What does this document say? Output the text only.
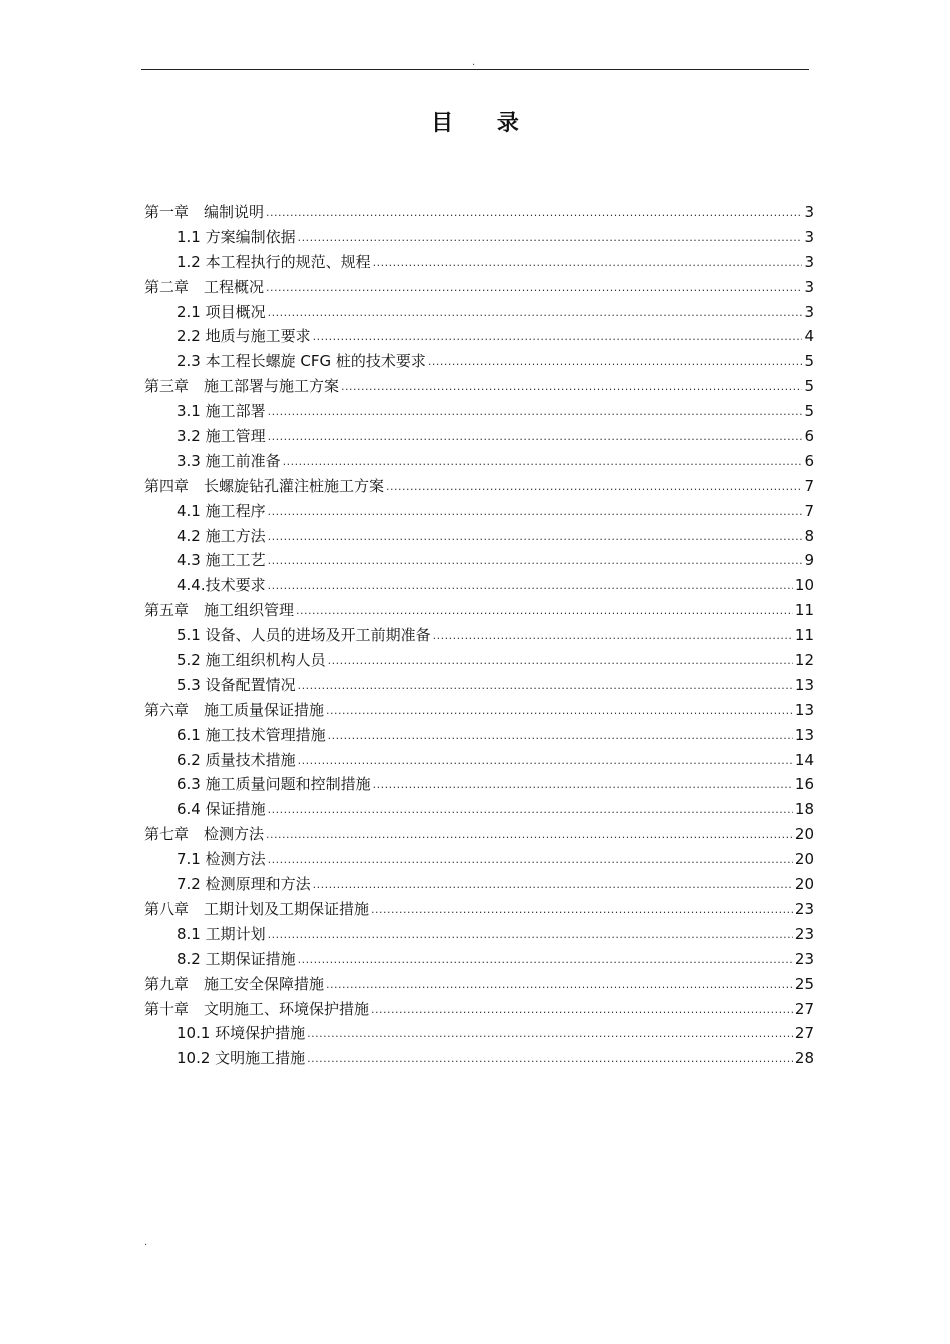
.
目 录
第一章　编制说明 .....	3
1.1 方案编制依据 .....	3
1.2 本工程执行的规范、规程 .....	3
第二章　工程概况 .....	3
2.1 项目概况 .....	3
2.2 地质与施工要求 .....	4
2.3 本工程长螺旋 CFG 桩的技术要求 .....	5
第三章　施工部署与施工方案 .....	5
3.1 施工部署 .....	5
3.2 施工管理 .....	6
3.3 施工前准备 .....	6
第四章　长螺旋钻孔灌注桩施工方案 .....	7
4.1 施工程序 .....	7
4.2 施工方法 .....	8
4.3 施工工艺 .....	9
4.4.技术要求 .....	10
第五章　施工组织管理 .....	11
5.1 设备、人员的进场及开工前期准备 .....	11
5.2 施工组织机构人员 .....	12
5.3 设备配置情况 .....	13
第六章　施工质量保证措施 .....	13
6.1 施工技术管理措施 .....	13
6.2 质量技术措施 .....	14
6.3 施工质量问题和控制措施 .....	16
6.4 保证措施 .....	18
第七章　检测方法 .....	20
7.1 检测方法 .....	20
7.2 检测原理和方法 .....	20
第八章　工期计划及工期保证措施 .....	23
8.1 工期计划 .....	23
8.2 工期保证措施 .....	23
第九章　施工安全保障措施 .....	25
第十章　文明施工、环境保护措施 .....	27
10.1 环境保护措施 .....	27
10.2 文明施工措施 .....	28
.
